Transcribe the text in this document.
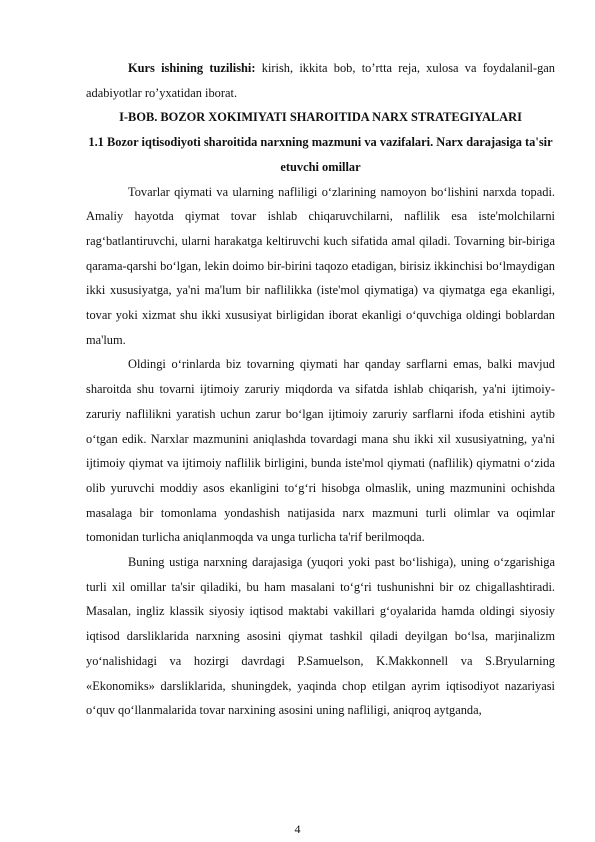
Kurs ishining tuzilishi: kirish, ikkita bob, to’rtta reja, xulosa va foydalanil-gan adabiyotlar ro’yxatidan iborat.

I-BOB. BOZOR XOKIMIYATI SHAROITIDA NARX STRATEGIYALARI
1.1 Bozor iqtisodiyoti sharoitida narxning mazmuni va vazifalari. Narx darajasiga ta'sir etuvchi omillar

Tovarlar qiymati va ularning nafliligi o‘zlarining namoyon bo‘lishini narxda topadi. Amaliy hayotda qiymat tovar ishlab chiqaruvchilarni, naflilik esa iste'molchilarni rag‘batlantiruvchi, ularni harakatga keltiruvchi kuch sifatida amal qiladi. Tovarning bir-biriga qarama-qarshi bo‘lgan, lekin doimo bir-birini taqozo etadigan, birisiz ikkinchisi bo‘lmaydigan ikki xususiyatga, ya'ni ma'lum bir naflilikka (iste'mol qiymatiga) va qiymatga ega ekanligi, tovar yoki xizmat shu ikki xususiyat birligidan iborat ekanligi o‘quvchiga oldingi boblardan ma'lum.

Oldingi o‘rinlarda biz tovarning qiymati har qanday sarflarni emas, balki mavjud sharoitda shu tovarni ijtimoiy zaruriy miqdorda va sifatda ishlab chiqarish, ya'ni ijtimoiy-zaruriy naflilikni yaratish uchun zarur bo‘lgan ijtimoiy zaruriy sarflarni ifoda etishini aytib o‘tgan edik. Narxlar mazmunini aniqlashda tovardagi mana shu ikki xil xususiyatning, ya'ni ijtimoiy qiymat va ijtimoiy naflilik birligini, bunda iste'mol qiymati (naflilik) qiymatni o‘zida olib yuruvchi moddiy asos ekanligini to‘g‘ri hisobga olmaslik, uning mazmunini ochishda masalaga bir tomonlama yondashish natijasida narx mazmuni turli olimlar va oqimlar tomonidan turlicha aniqlanmoqda va unga turlicha ta'rif berilmoqda.

Buning ustiga narxning darajasiga (yuqori yoki past bo‘lishiga), uning o‘zgarishiga turli xil omillar ta'sir qiladiki, bu ham masalani to‘g‘ri tushunishni bir oz chigallashtiradi. Masalan, ingliz klassik siyosiy iqtisod maktabi vakillari g‘oyalarida hamda oldingi siyosiy iqtisod darsliklarida narxning asosini qiymat tashkil qiladi deyilgan bo‘lsa, marjinalizm yo‘nalishidagi va hozirgi davrdagi P.Samuelson, K.Makkonnell va S.Bryularning «Ekonomiks» darsliklarida, shuningdek, yaqinda chop etilgan ayrim iqtisodiyot nazariyasi o‘quv qo‘llanmalarida tovar narxining asosini uning nafliligi, aniqroq aytganda,

4
